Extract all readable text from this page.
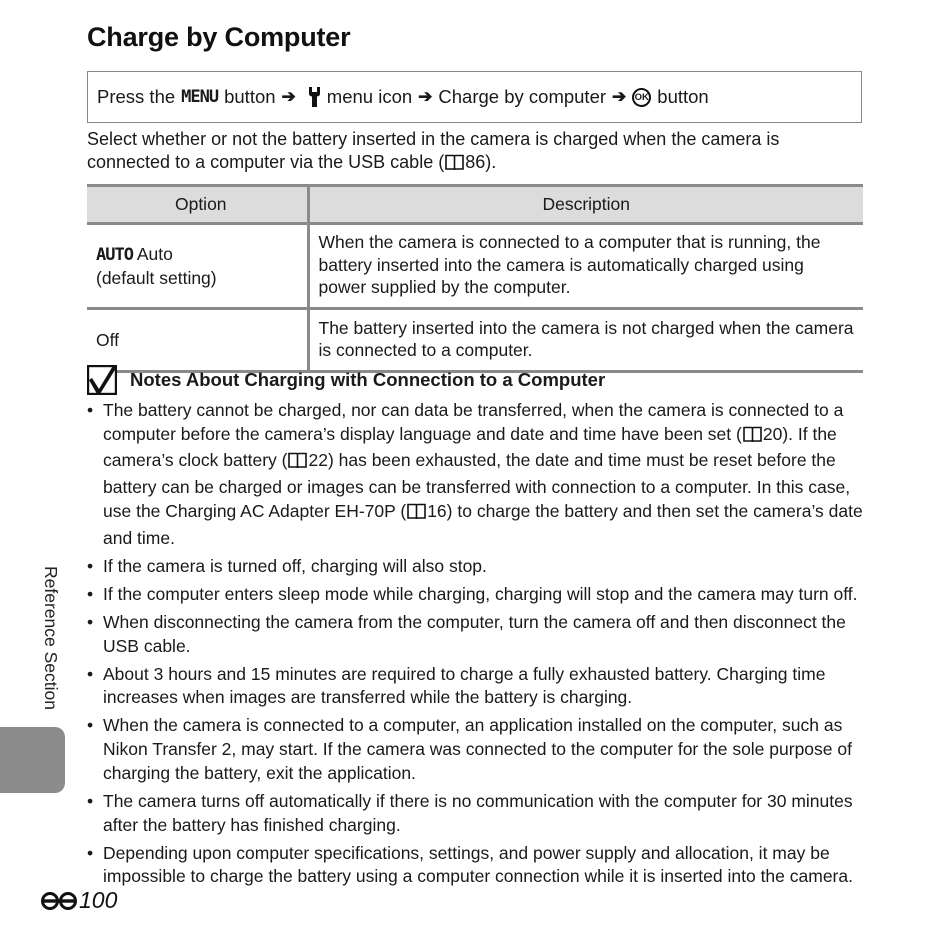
Charge by Computer
Press the MENU button ➔ menu icon ➔ Charge by computer ➔ OK button

Select whether or not the battery inserted in the camera is charged when the camera is connected to a computer via the USB cable ( 86).

Option	Description
AUTO Auto
(default setting)	When the camera is connected to a computer that is running, the battery inserted into the camera is automatically charged using power supplied by the computer.
Off	The battery inserted into the camera is not charged when the camera is connected to a computer.
Notes About Charging with Connection to a Computer
• The battery cannot be charged, nor can data be transferred, when the camera is connected to a computer before the camera’s display language and date and time have been set ( 20). If the camera’s clock battery ( 22) has been exhausted, the date and time must be reset before the battery can be charged or images can be transferred with connection to a computer. In this case, use the Charging AC Adapter EH-70P ( 16) to charge the battery and then set the camera’s date and time.
• If the camera is turned off, charging will also stop.
• If the computer enters sleep mode while charging, charging will stop and the camera may turn off.
• When disconnecting the camera from the computer, turn the camera off and then disconnect the USB cable.
• About 3 hours and 15 minutes are required to charge a fully exhausted battery. Charging time increases when images are transferred while the battery is charging.
• When the camera is connected to a computer, an application installed on the computer, such as Nikon Transfer 2, may start. If the camera was connected to the computer for the sole purpose of charging the battery, exit the application.
• The camera turns off automatically if there is no communication with the computer for 30 minutes after the battery has finished charging.
• Depending upon computer specifications, settings, and power supply and allocation, it may be impossible to charge the battery using a computer connection while it is inserted into the camera.
Reference Section
100
